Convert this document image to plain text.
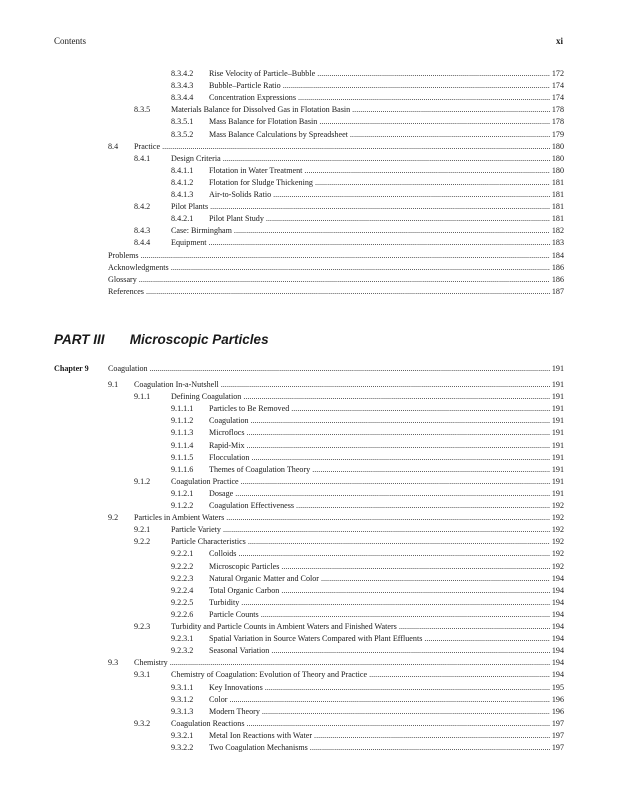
Contents	xi
8.3.4.2	Rise Velocity of Particle–Bubble .....	172
8.3.4.3	Bubble–Particle Ratio .....	174
8.3.4.4	Concentration Expressions .....	174
8.3.5	Materials Balance for Dissolved Gas in Flotation Basin .....	178
8.3.5.1	Mass Balance for Flotation Basin .....	178
8.3.5.2	Mass Balance Calculations by Spreadsheet .....	179
8.4	Practice .....	180
8.4.1	Design Criteria .....	180
8.4.1.1	Flotation in Water Treatment .....	180
8.4.1.2	Flotation for Sludge Thickening .....	181
8.4.1.3	Air-to-Solids Ratio .....	181
8.4.2	Pilot Plants .....	181
8.4.2.1	Pilot Plant Study .....	181
8.4.3	Case: Birmingham .....	182
8.4.4	Equipment .....	183
Problems .....	184
Acknowledgments .....	186
Glossary .....	186
References .....	187
PART III Microscopic Particles
Chapter 9	Coagulation .....	191
9.1	Coagulation In-a-Nutshell .....	191
9.1.1	Defining Coagulation .....	191
9.1.1.1	Particles to Be Removed .....	191
9.1.1.2	Coagulation .....	191
9.1.1.3	Microflocs .....	191
9.1.1.4	Rapid-Mix .....	191
9.1.1.5	Flocculation .....	191
9.1.1.6	Themes of Coagulation Theory .....	191
9.1.2	Coagulation Practice .....	191
9.1.2.1	Dosage .....	191
9.1.2.2	Coagulation Effectiveness .....	192
9.2	Particles in Ambient Waters .....	192
9.2.1	Particle Variety .....	192
9.2.2	Particle Characteristics .....	192
9.2.2.1	Colloids .....	192
9.2.2.2	Microscopic Particles .....	192
9.2.2.3	Natural Organic Matter and Color .....	194
9.2.2.4	Total Organic Carbon .....	194
9.2.2.5	Turbidity .....	194
9.2.2.6	Particle Counts .....	194
9.2.3	Turbidity and Particle Counts in Ambient Waters and Finished Waters .....	194
9.2.3.1	Spatial Variation in Source Waters Compared with Plant Effluents .....	194
9.2.3.2	Seasonal Variation .....	194
9.3	Chemistry .....	194
9.3.1	Chemistry of Coagulation: Evolution of Theory and Practice .....	194
9.3.1.1	Key Innovations .....	195
9.3.1.2	Color .....	196
9.3.1.3	Modern Theory .....	196
9.3.2	Coagulation Reactions .....	197
9.3.2.1	Metal Ion Reactions with Water .....	197
9.3.2.2	Two Coagulation Mechanisms .....	197
